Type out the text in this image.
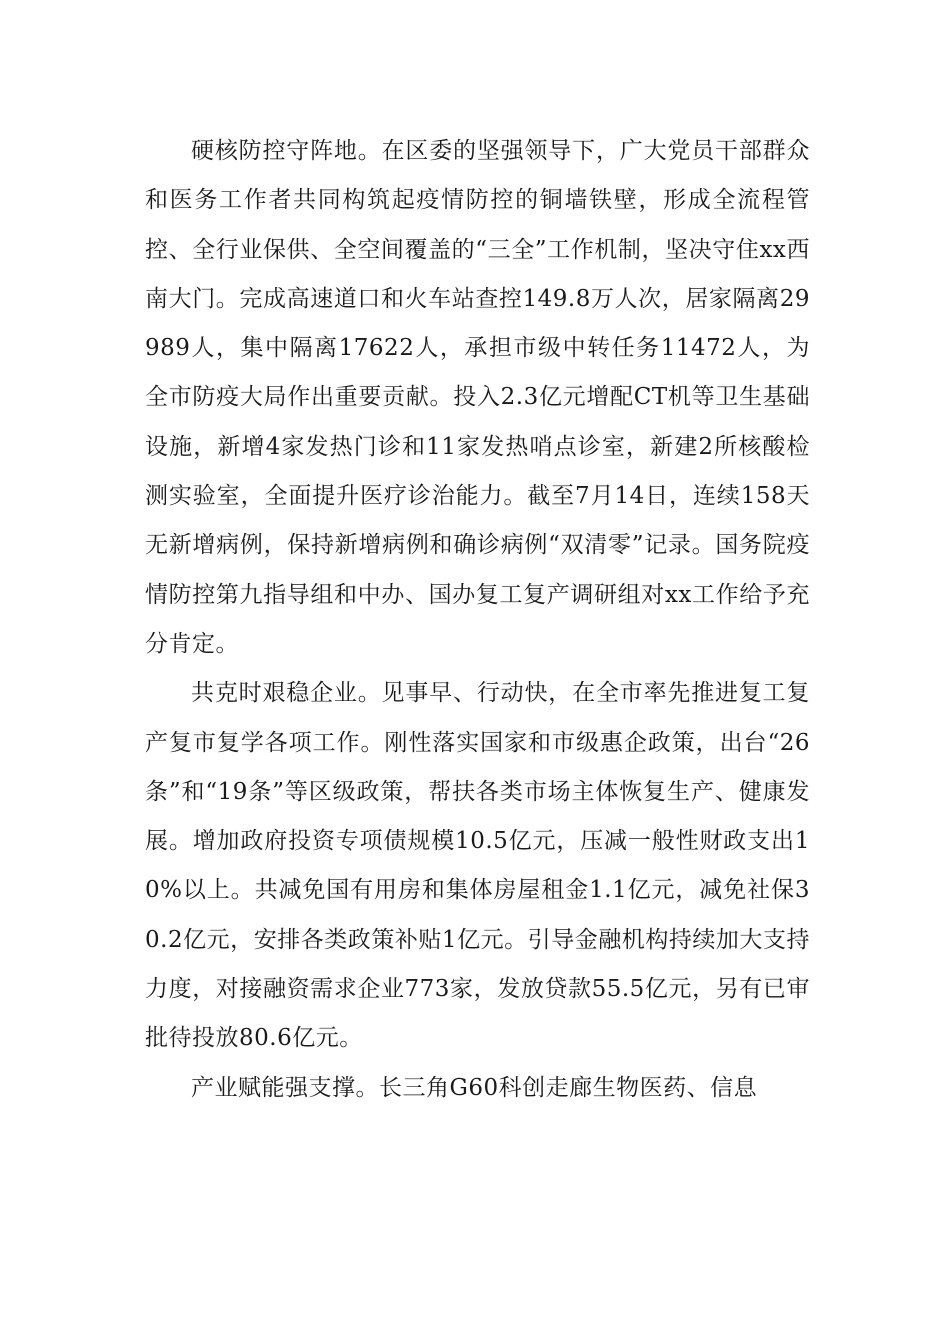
硬核防控守阵地。在区委的坚强领导下，广大党员干部群众和医务工作者共同构筑起疫情防控的铜墙铁壁，形成全流程管控、全行业保供、全空间覆盖的“三全”工作机制，坚决守住xx西南大门。完成高速道口和火车站查控149.8万人次，居家隔离29989人，集中隔离17622人，承担市级中转任务11472人，为全市防疫大局作出重要贡献。投入2.3亿元增配CT机等卫生基础设施，新增4家发热门诊和11家发热哨点诊室，新建2所核酸检测实验室，全面提升医疗诊治能力。截至7月14日，连续158天无新增病例，保持新增病例和确诊病例“双清零”记录。国务院疫情防控第九指导组和中办、国办复工复产调研组对xx工作给予充分肯定。

共克时艰稳企业。见事早、行动快，在全市率先推进复工复产复市复学各项工作。刚性落实国家和市级惠企政策，出台“26条”和“19条”等区级政策，帮扶各类市场主体恢复生产、健康发展。增加政府投资专项债规模10.5亿元，压减一般性财政支出10%以上。共减免国有用房和集体房屋租金1.1亿元，减免社保30.2亿元，安排各类政策补贴1亿元。引导金融机构持续加大支持力度，对接融资需求企业773家，发放贷款55.5亿元，另有已审批待投放80.6亿元。

产业赋能强支撑。长三角G60科创走廊生物医药、信息
